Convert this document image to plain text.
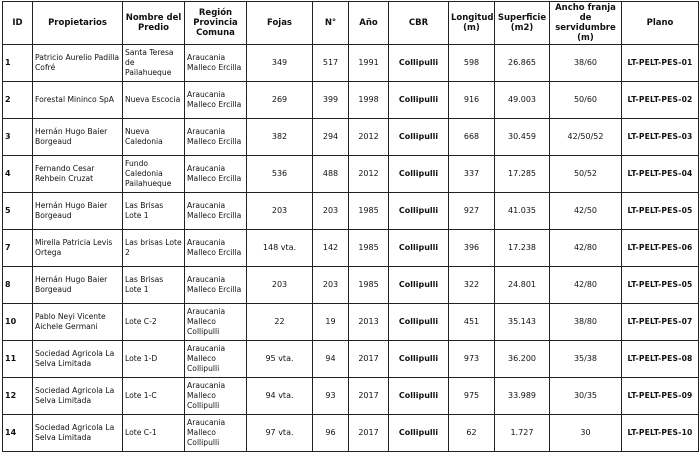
ID	Propietarios	Nombre del Predio	Región Provincia Comuna	Fojas	N°	Año	CBR	Longitud (m)	Superficie (m2)	Ancho franja de servidumbre (m)	Plano
1	Patricio Aurelio Padilla Cofré	Santa Teresa de Pailahueque	Araucania Malleco Ercilla	349	517	1991	Collipulli	598	26.865	38/60	LT-PELT-PES-01
2	Forestal Mininco SpA	Nueva Escocia	Araucania Malleco Ercilla	269	399	1998	Collipulli	916	49.003	50/60	LT-PELT-PES-02
3	Hernán Hugo Baier Borgeaud	Nueva Caledonia	Araucania Malleco Ercilla	382	294	2012	Collipulli	668	30.459	42/50/52	LT-PELT-PES-03
4	Fernando Cesar Rehbein Cruzat	Fundo Caledonia Pailahueque	Araucania Malleco Ercilla	536	488	2012	Collipulli	337	17.285	50/52	LT-PELT-PES-04
5	Hernán Hugo Baier Borgeaud	Las Brisas Lote 1	Araucania Malleco Ercilla	203	203	1985	Collipulli	927	41.035	42/50	LT-PELT-PES-05
7	Mirella Patricia Levis Ortega	Las brisas Lote 2	Araucania Malleco Ercilla	148 vta.	142	1985	Collipulli	396	17.238	42/80	LT-PELT-PES-06
8	Hernán Hugo Baier Borgeaud	Las Brisas Lote 1	Araucania Malleco Ercilla	203	203	1985	Collipulli	322	24.801	42/80	LT-PELT-PES-05
10	Pablo Neyi Vicente Aichele Germani	Lote C-2	Araucania Malleco Collipulli	22	19	2013	Collipulli	451	35.143	38/80	LT-PELT-PES-07
11	Sociedad Agricola La Selva Limitada	Lote 1-D	Araucania Malleco Collipulli	95 vta.	94	2017	Collipulli	973	36.200	35/38	LT-PELT-PES-08
12	Sociedad Agricola La Selva Limitada	Lote 1-C	Araucania Malleco Collipulli	94 vta.	93	2017	Collipulli	975	33.989	30/35	LT-PELT-PES-09
14	Sociedad Agricola La Selva Limitada	Lote C-1	Araucania Malleco Collipulli	97 vta.	96	2017	Collipulli	62	1.727	30	LT-PELT-PES-10
